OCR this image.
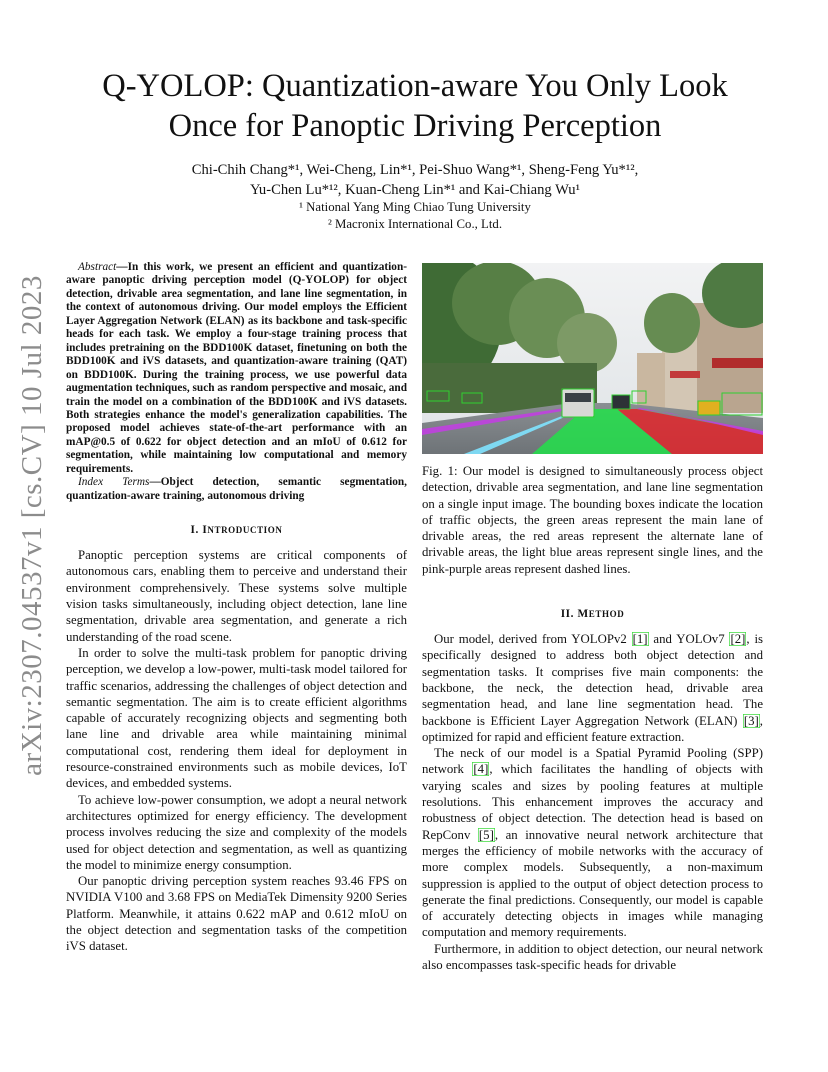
arXiv:2307.04537v1 [cs.CV] 10 Jul 2023
Q-YOLOP: Quantization-aware You Only Look
Once for Panoptic Driving Perception
Chi-Chih Chang*¹, Wei-Cheng, Lin*¹, Pei-Shuo Wang*¹, Sheng-Feng Yu*¹²,
Yu-Chen Lu*¹², Kuan-Cheng Lin*¹ and Kai-Chiang Wu¹
¹ National Yang Ming Chiao Tung University
² Macronix International Co., Ltd.

Abstract—In this work, we present an efficient and quantization-aware panoptic driving perception model (Q-YOLOP) for object detection, drivable area segmentation, and lane line segmentation, in the context of autonomous driving. Our model employs the Efficient Layer Aggregation Network (ELAN) as its backbone and task-specific heads for each task. We employ a four-stage training process that includes pretraining on the BDD100K dataset, finetuning on both the BDD100K and iVS datasets, and quantization-aware training (QAT) on BDD100K. During the training process, we use powerful data augmentation techniques, such as random perspective and mosaic, and train the model on a combination of the BDD100K and iVS datasets. Both strategies enhance the model's generalization capabilities. The proposed model achieves state-of-the-art performance with an mAP@0.5 of 0.622 for object detection and an mIoU of 0.612 for segmentation, while maintaining low computational and memory requirements.

Index Terms—Object detection, semantic segmentation, quantization-aware training, autonomous driving

I. INTRODUCTION

Panoptic perception systems are critical components of autonomous cars, enabling them to perceive and understand their environment comprehensively. These systems solve multiple vision tasks simultaneously, including object detection, lane line segmentation, drivable area segmentation, and generate a rich understanding of the road scene.

In order to solve the multi-task problem for panoptic driving perception, we develop a low-power, multi-task model tailored for traffic scenarios, addressing the challenges of object detection and semantic segmentation. The aim is to create efficient algorithms capable of accurately recognizing objects and segmenting both lane line and drivable area while maintaining minimal computational cost, rendering them ideal for deployment in resource-constrained environments such as mobile devices, IoT devices, and embedded systems.

To achieve low-power consumption, we adopt a neural network architectures optimized for energy efficiency. The development process involves reducing the size and complexity of the models used for object detection and segmentation, as well as quantizing the model to minimize energy consumption.

Our panoptic driving perception system reaches 93.46 FPS on NVIDIA V100 and 3.68 FPS on MediaTek Dimensity 9200 Series Platform. Meanwhile, it attains 0.622 mAP and 0.612 mIoU on the object detection and segmentation tasks of the competition iVS dataset.

Fig. 1: Our model is designed to simultaneously process object detection, drivable area segmentation, and lane line segmentation on a single input image. The bounding boxes indicate the location of traffic objects, the green areas represent the main lane of drivable areas, the red areas represent the alternate lane of drivable areas, the light blue areas represent single lines, and the pink-purple areas represent dashed lines.

II. METHOD

Our model, derived from YOLOPv2 [1] and YOLOv7 [2], is specifically designed to address both object detection and segmentation tasks. It comprises five main components: the backbone, the neck, the detection head, drivable area segmentation head, and lane line segmentation head. The backbone is Efficient Layer Aggregation Network (ELAN) [3], optimized for rapid and efficient feature extraction.

The neck of our model is a Spatial Pyramid Pooling (SPP) network [4], which facilitates the handling of objects with varying scales and sizes by pooling features at multiple resolutions. This enhancement improves the accuracy and robustness of object detection. The detection head is based on RepConv [5], an innovative neural network architecture that merges the efficiency of mobile networks with the accuracy of more complex models. Subsequently, a non-maximum suppression is applied to the output of object detection process to generate the final predictions. Consequently, our model is capable of accurately detecting objects in images while managing computation and memory requirements.

Furthermore, in addition to object detection, our neural network also encompasses task-specific heads for drivable
